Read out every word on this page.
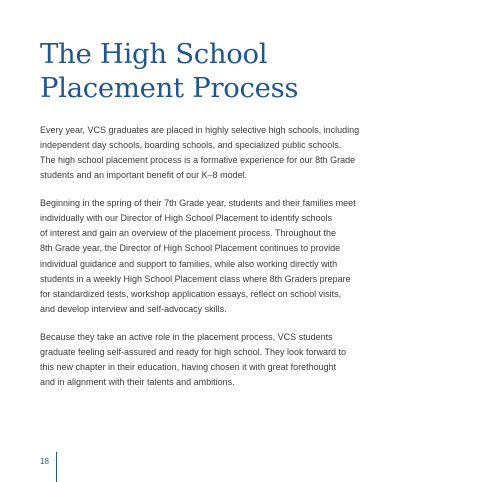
The High School
Placement Process

Every year, VCS graduates are placed in highly selective high schools, including
independent day schools, boarding schools, and specialized public schools.
The high school placement process is a formative experience for our 8th Grade
students and an important benefit of our K–8 model.

Beginning in the spring of their 7th Grade year, students and their families meet
individually with our Director of High School Placement to identify schools
of interest and gain an overview of the placement process. Throughout the
8th Grade year, the Director of High School Placement continues to provide
individual guidance and support to families, while also working directly with
students in a weekly High School Placement class where 8th Graders prepare
for standardized tests, workshop application essays, reflect on school visits,
and develop interview and self-advocacy skills.

Because they take an active role in the placement process, VCS students
graduate feeling self-assured and ready for high school. They look forward to
this new chapter in their education, having chosen it with great forethought
and in alignment with their talents and ambitions.

18
